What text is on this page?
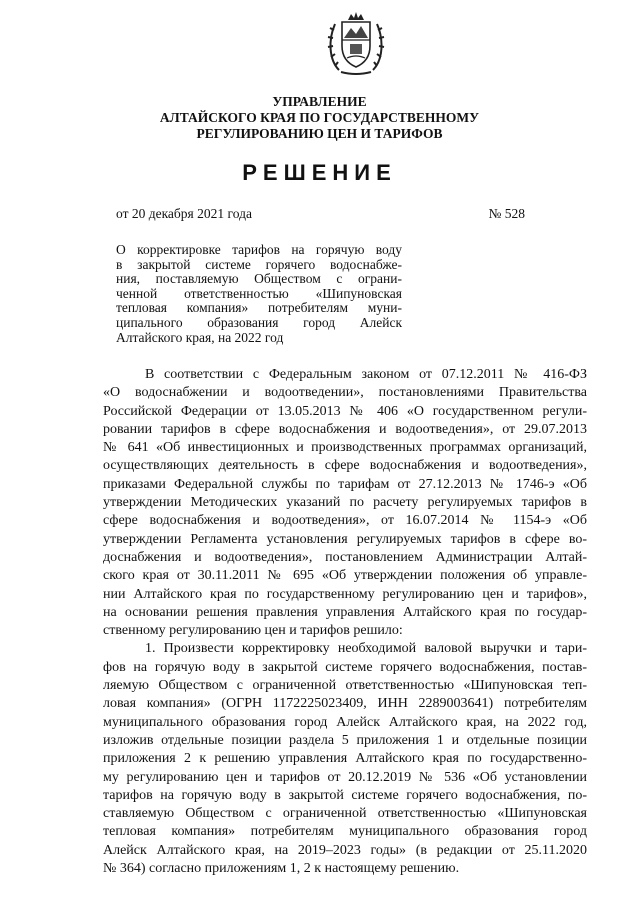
УПРАВЛЕНИЕ
АЛТАЙСКОГО КРАЯ ПО ГОСУДАРСТВЕННОМУ
РЕГУЛИРОВАНИЮ ЦЕН И ТАРИФОВ
РЕШЕНИЕ
от 20 декабря 2021 года	№ 528
О корректировке тарифов на горячую воду
в закрытой системе горячего водоснабже-
ния, поставляемую Обществом с ограни-
ченной ответственностью «Шипуновская
тепловая компания» потребителям муни-
ципального образования город Алейск
Алтайского края, на 2022 год
В соответствии с Федеральным законом от 07.12.2011 № 416-ФЗ
«О водоснабжении и водоотведении», постановлениями Правительства
Российской Федерации от 13.05.2013 № 406 «О государственном регули-
ровании тарифов в сфере водоснабжения и водоотведения», от 29.07.2013
№ 641 «Об инвестиционных и производственных программах организаций,
осуществляющих деятельность в сфере водоснабжения и водоотведения»,
приказами Федеральной службы по тарифам от 27.12.2013 № 1746-э «Об
утверждении Методических указаний по расчету регулируемых тарифов в
сфере водоснабжения и водоотведения», от 16.07.2014 № 1154-э «Об
утверждении Регламента установления регулируемых тарифов в сфере во-
доснабжения и водоотведения», постановлением Администрации Алтай-
ского края от 30.11.2011 № 695 «Об утверждении положения об управле-
нии Алтайского края по государственному регулированию цен и тарифов»,
на основании решения правления управления Алтайского края по государ-
ственному регулированию цен и тарифов решило:
1. Произвести корректировку необходимой валовой выручки и тари-
фов на горячую воду в закрытой системе горячего водоснабжения, постав-
ляемую Обществом с ограниченной ответственностью «Шипуновская теп-
ловая компания» (ОГРН 1172225023409, ИНН 2289003641) потребителям
муниципального образования город Алейск Алтайского края, на 2022 год,
изложив отдельные позиции раздела 5 приложения 1 и отдельные позиции
приложения 2 к решению управления Алтайского края по государственно-
му регулированию цен и тарифов от 20.12.2019 № 536 «Об установлении
тарифов на горячую воду в закрытой системе горячего водоснабжения, по-
ставляемую Обществом с ограниченной ответственностью «Шипуновская
тепловая компания» потребителям муниципального образования город
Алейск Алтайского края, на 2019–2023 годы» (в редакции от 25.11.2020
№ 364) согласно приложениям 1, 2 к настоящему решению.
